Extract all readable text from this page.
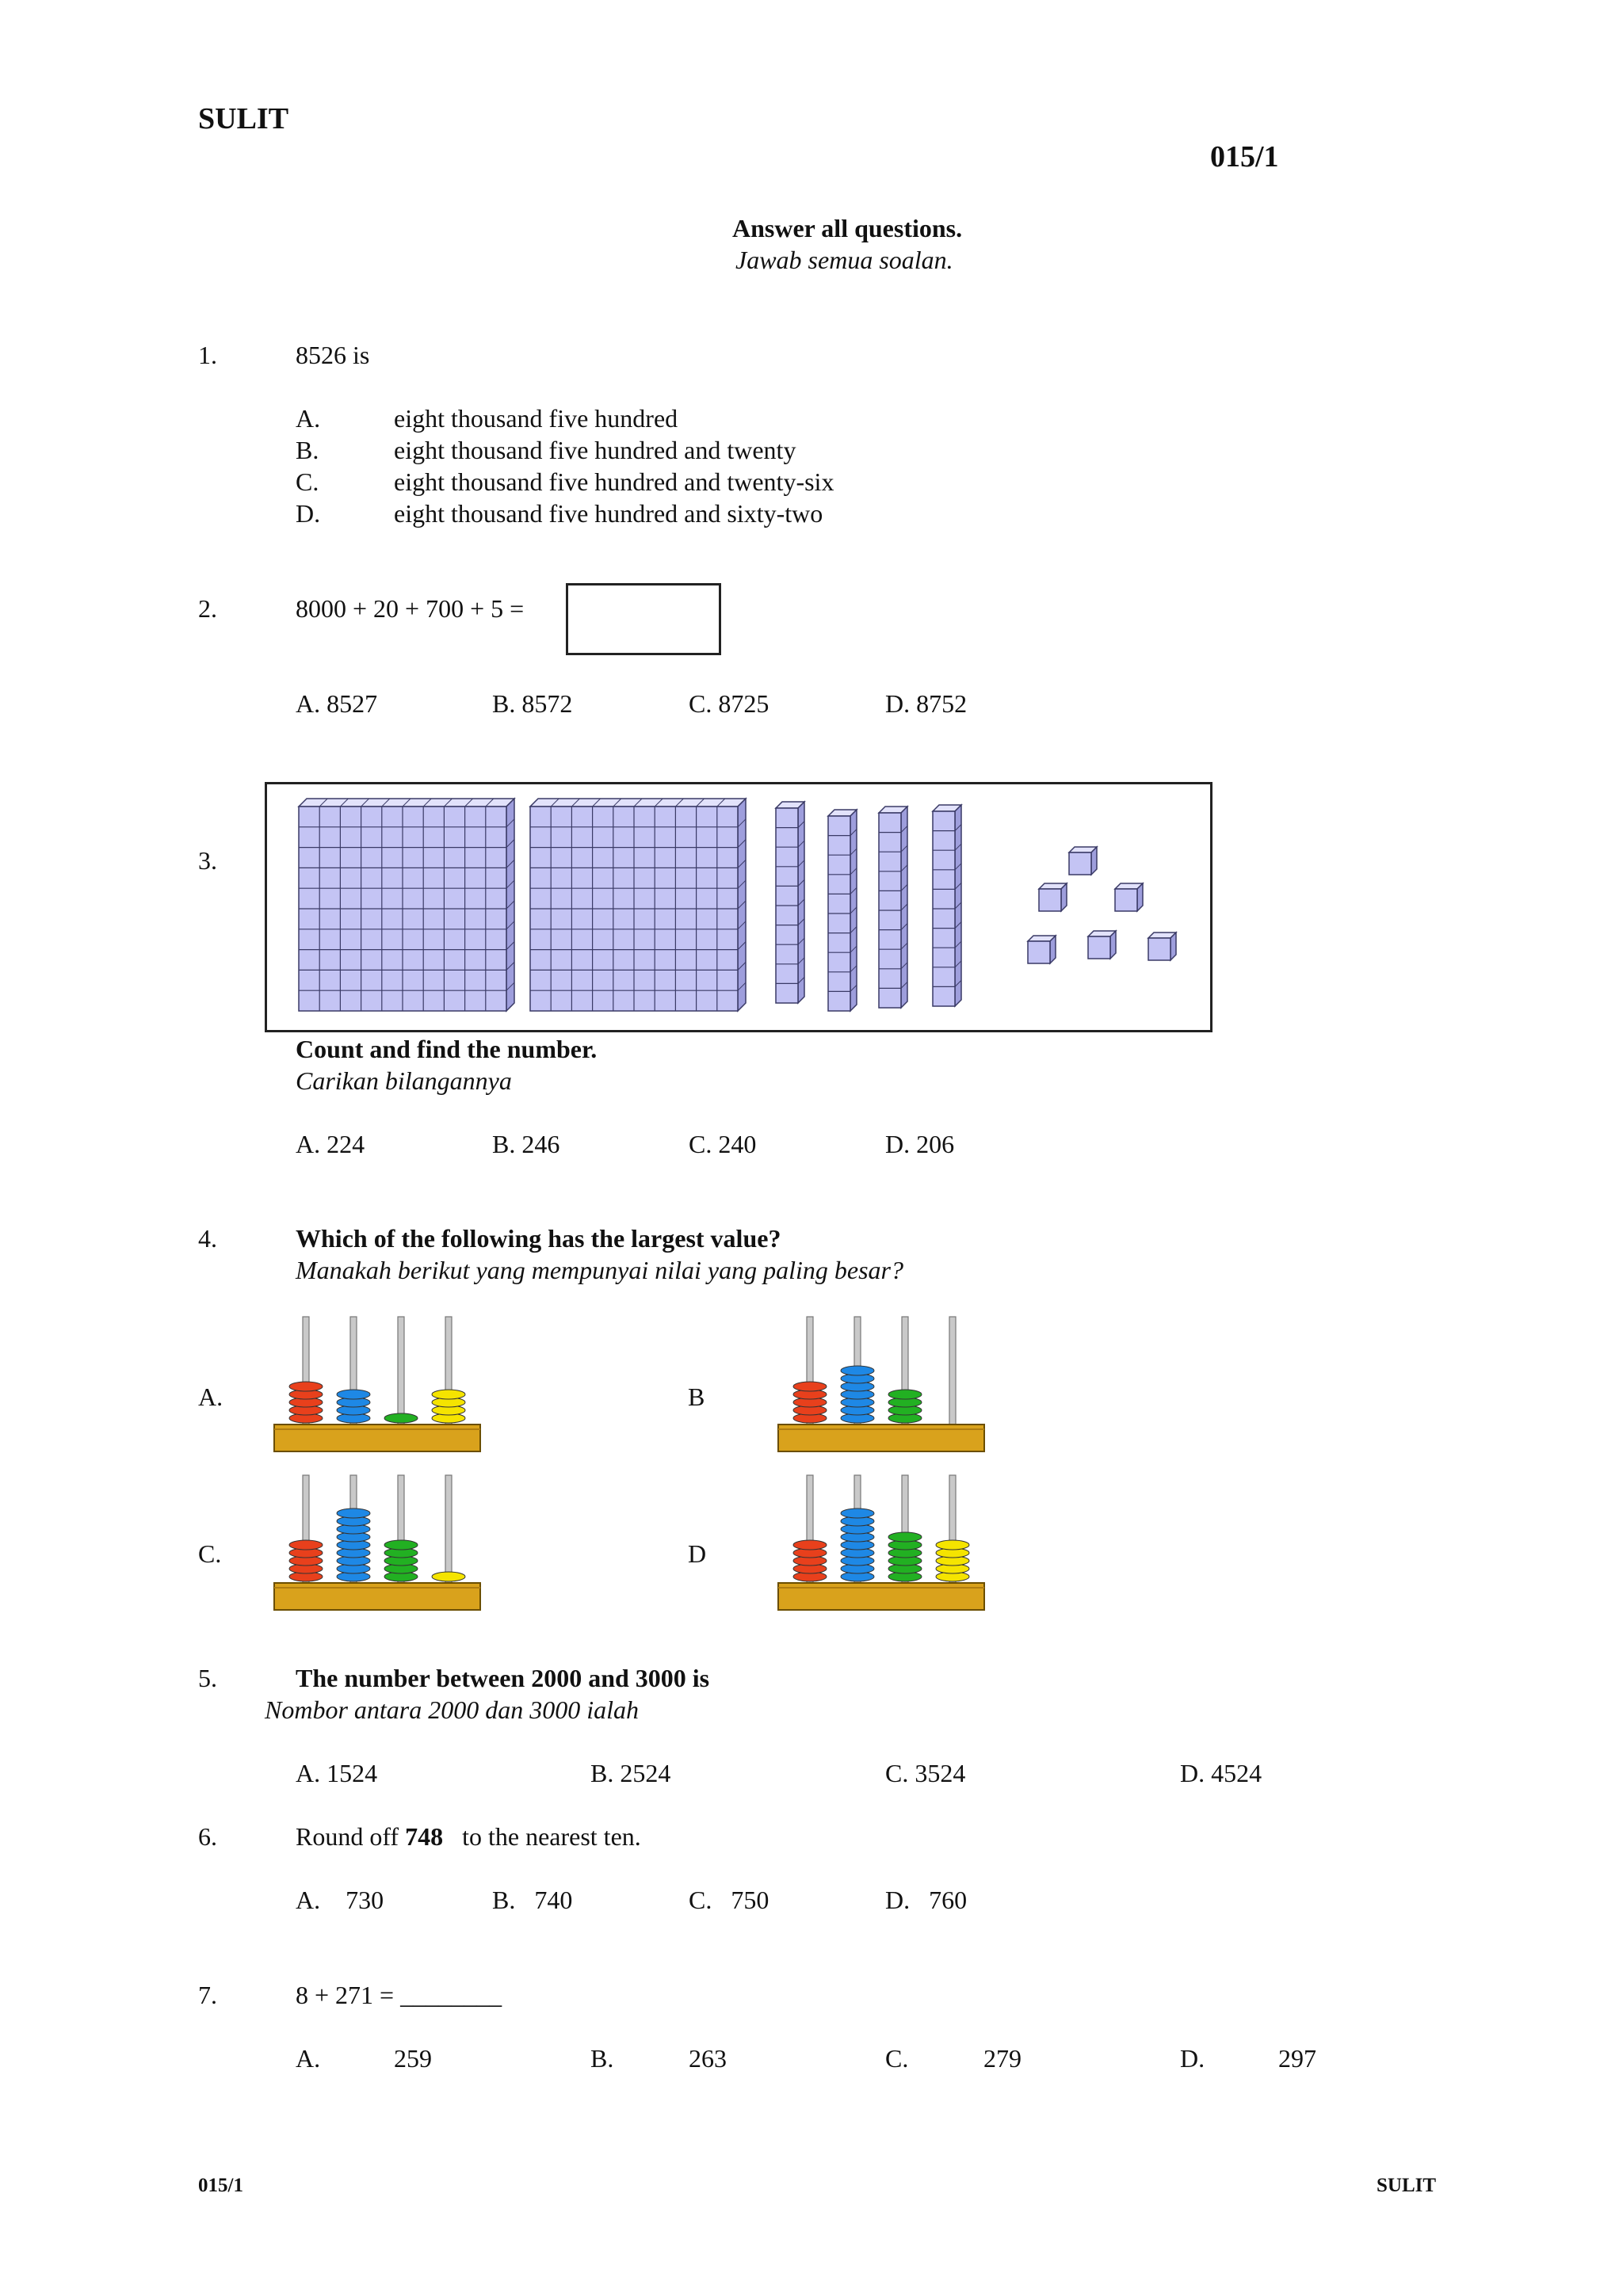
SULIT
015/1
Answer all questions.
Jawab semua soalan.
1.	8526 is
A.	eight thousand five hundred
B.	eight thousand five hundred and twenty
C.	eight thousand five hundred and twenty-six
D.	eight thousand five hundred and sixty-two
2.	8000 + 20 + 700 + 5 =
A. 8527	B. 8572	C. 8725	D. 8752
3.
Count and find the number.
Carikan bilangannya
A. 224	B. 246	C. 240	D. 206
4.	Which of the following has the largest value?
Manakah berikut yang mempunyai nilai yang paling besar?
A.	B
C.	D
5.	The number between 2000 and 3000 is
Nombor antara 2000 dan 3000 ialah
A. 1524	B. 2524	C. 3524	D. 4524
6.	Round off 748   to the nearest ten.
A.    730	B.   740	C.   750	D.   760
7.	8 + 271 = ________
A.	259	B.	263	C.	279	D.	297
015/1	SULIT
